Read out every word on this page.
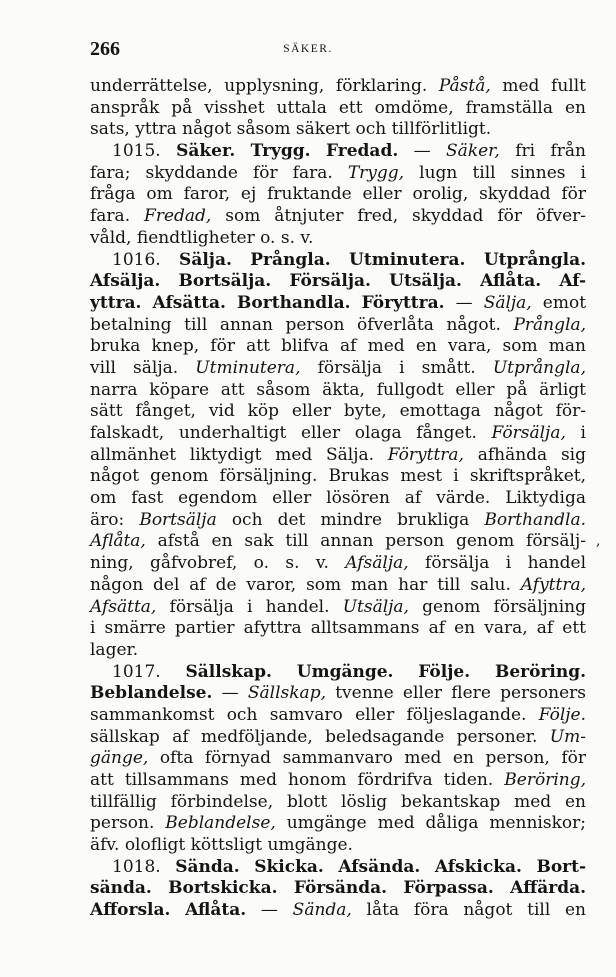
266	SÄKER.
underrättelse, upplysning, förklaring. Påstå, med fullt
anspråk på visshet uttala ett omdöme, framställa en
sats, yttra något såsom säkert och tillförlitligt.
1015. Säker. Trygg. Fredad. — Säker, fri från
fara; skyddande för fara. Trygg, lugn till sinnes i
fråga om faror, ej fruktande eller orolig, skyddad för
fara. Fredad, som åtnjuter fred, skyddad för öfver-
våld, fiendtligheter o. s. v.
1016. Sälja. Prångla. Utminutera. Utprångla.
Afsälja. Bortsälja. Försälja. Utsälja. Aflåta. Af-
yttra. Afsätta. Borthandla. Föryttra. — Sälja, emot
betalning till annan person öfverlåta något. Prångla,
bruka knep, för att blifva af med en vara, som man
vill sälja. Utminutera, försälja i smått. Utprångla,
narra köpare att såsom äkta, fullgodt eller på ärligt
sätt fånget, vid köp eller byte, emottaga något för-
falskadt, underhaltigt eller olaga fånget. Försälja, i
allmänhet liktydigt med Sälja. Föryttra, afhända sig
något genom försäljning. Brukas mest i skriftspråket,
om fast egendom eller lösören af värde. Liktydiga
äro: Bortsälja och det mindre brukliga Borthandla.
Aflåta, afstå en sak till annan person genom försälj-
ning, gåfvobref, o. s. v. Afsälja, försälja i handel
någon del af de varor, som man har till salu. Afyttra,
Afsätta, försälja i handel. Utsälja, genom försäljning
i smärre partier afyttra alltsammans af en vara, af ett
lager.
1017. Sällskap. Umgänge. Följe. Beröring.
Beblandelse. — Sällskap, tvenne eller flere personers
sammankomst och samvaro eller följeslagande. Följe.
sällskap af medföljande, beledsagande personer. Um-
gänge, ofta förnyad sammanvaro med en person, för
att tillsammans med honom fördrifva tiden. Beröring,
tillfällig förbindelse, blott löslig bekantskap med en
person. Beblandelse, umgänge med dåliga menniskor;
äfv. olofligt köttsligt umgänge.
1018. Sända. Skicka. Afsända. Afskicka. Bort-
sända. Bortskicka. Försända. Förpassa. Affärda.
Afforsla. Aflåta. — Sända, låta föra något till en
,
